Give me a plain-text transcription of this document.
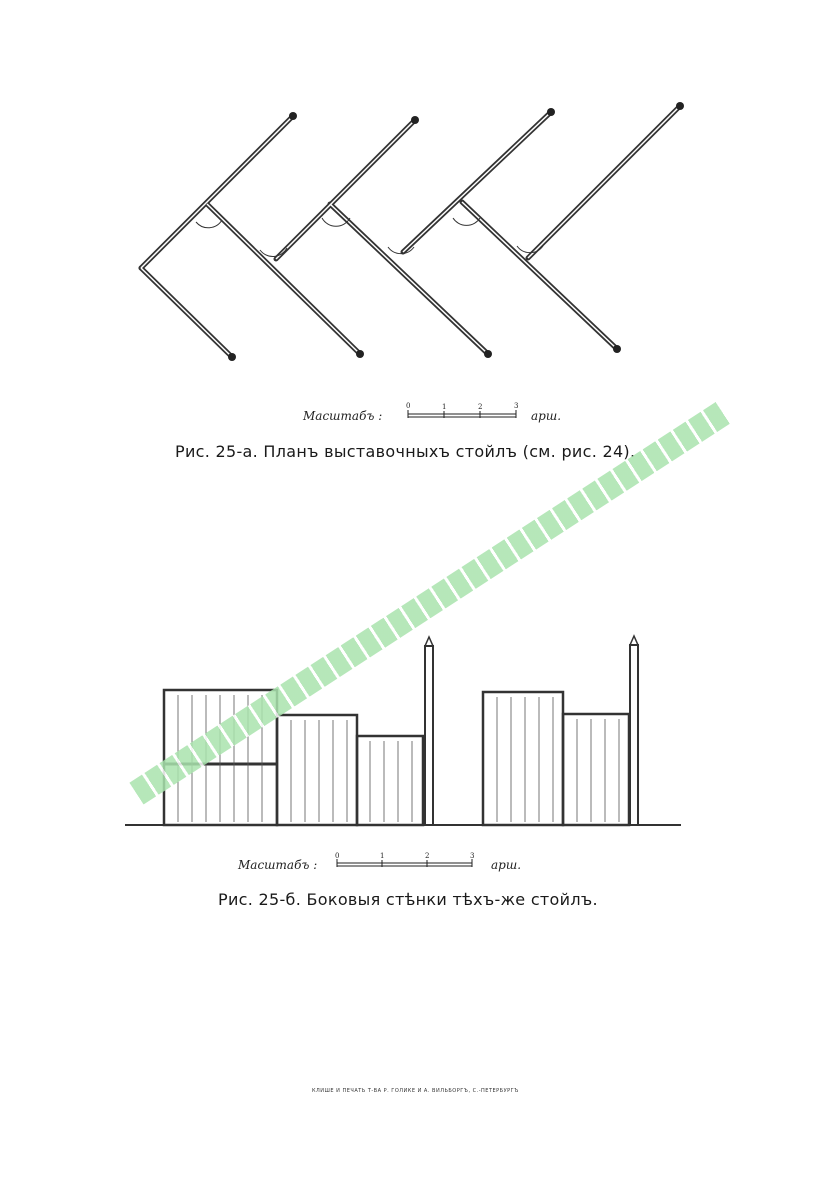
0	1	2	3
Масштабъ :	арш.
Рис. 25-а. Планъ выставочныхъ стойлъ (см. рис. 24).
0	1	2	3
Масштабъ :	арш.
Рис. 25-б. Боковыя стѣнки тѣхъ-же стойлъ.
КЛИШЕ И ПЕЧАТЬ Т-ВА Р. ГОЛИКЕ И А. ВИЛЬБОРГЪ, С.-ПЕТЕРБУРГЪ
